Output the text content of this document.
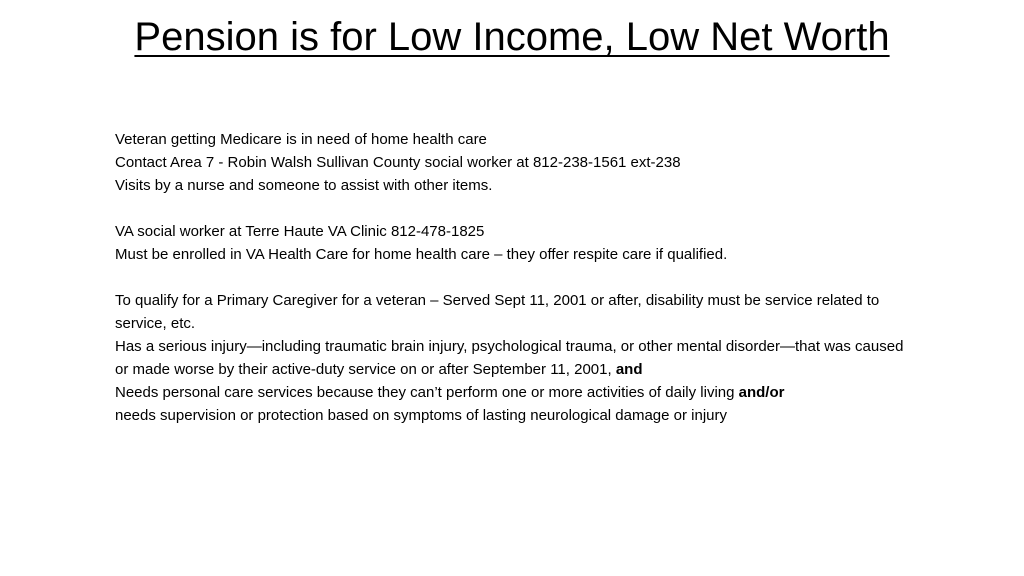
Pension is for Low Income, Low Net Worth

Veteran getting Medicare is in need of home health care

Contact Area 7 - Robin Walsh Sullivan County social worker at 812-238-1561 ext-238

Visits by a nurse and someone to assist with other items.

VA social worker at Terre Haute VA Clinic 812-478-1825

Must be enrolled in VA Health Care for home health care – they offer respite care if qualified.

To qualify for a Primary Caregiver for a veteran – Served Sept 11, 2001 or after, disability must be service related to service, etc.

Has a serious injury—including traumatic brain injury, psychological trauma, or other mental disorder—that was caused or made worse by their active-duty service on or after September 11, 2001, and

Needs personal care services because they can’t perform one or more activities of daily living and/or
needs supervision or protection based on symptoms of lasting neurological damage or injury
